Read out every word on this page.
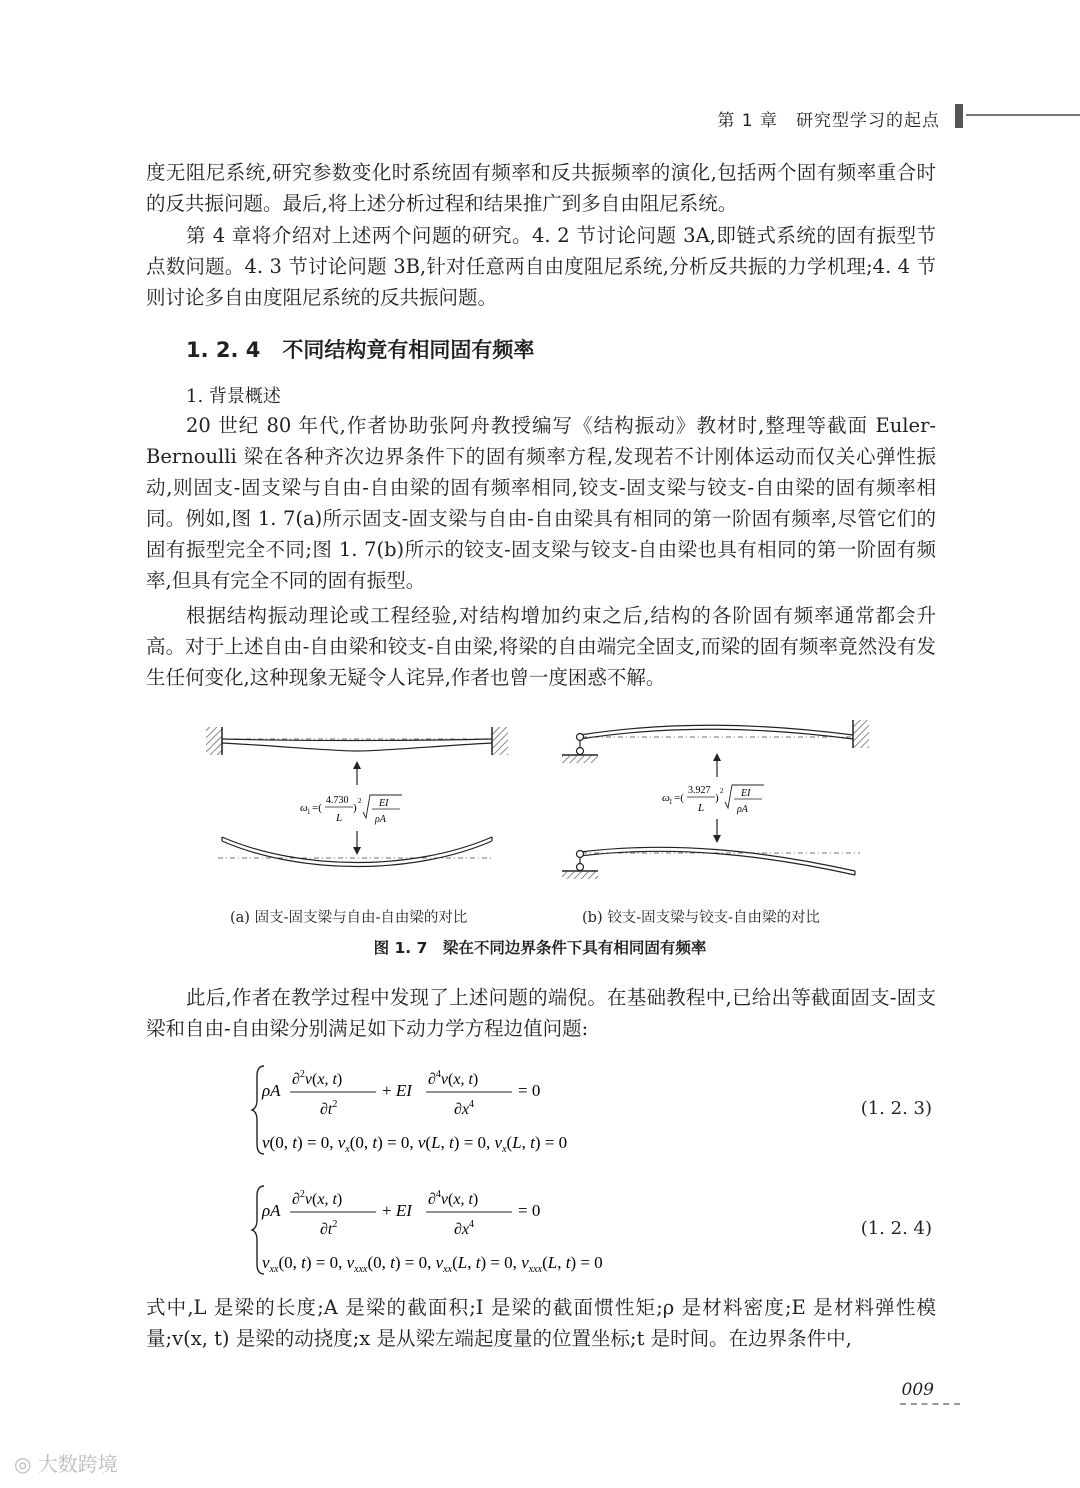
第 1 章　 研究型学习的起点

度无阻尼系统,研究参数变化时系统固有频率和反共振频率的演化,包括两个固有频率重合时的反共振问题。最后,将上述分析过程和结果推广到多自由阻尼系统。

第 4 章将介绍对上述两个问题的研究。4. 2 节讨论问题 3A,即链式系统的固有振型节点数问题。4. 3 节讨论问题 3B,针对任意两自由度阻尼系统,分析反共振的力学机理;4. 4 节则讨论多自由度阻尼系统的反共振问题。

1. 2. 4 不同结构竟有相同固有频率
1. 背景概述

20 世纪 80 年代,作者协助张阿舟教授编写《结构振动》教材时,整理等截面 Euler-Bernoulli 梁在各种齐次边界条件下的固有频率方程,发现若不计刚体运动而仅关心弹性振动,则固支-固支梁与自由-自由梁的固有频率相同,铰支-固支梁与铰支-自由梁的固有频率相同。例如,图 1. 7(a)所示固支-固支梁与自由-自由梁具有相同的第一阶固有频率,尽管它们的固有振型完全不同;图 1. 7(b)所示的铰支-固支梁与铰支-自由梁也具有相同的第一阶固有频率,但具有完全不同的固有振型。

根据结构振动理论或工程经验,对结构增加约束之后,结构的各阶固有频率通常都会升高。对于上述自由-自由梁和铰支-自由梁,将梁的自由端完全固支,而梁的固有频率竟然没有发生任何变化,这种现象无疑令人诧异,作者也曾一度困惑不解。

ω 1 =(
4.730
L
)
2 EI
ρA
ω 1 =(
3.927
L
)
2 EI
ρA
(a) 固支-固支梁与自由-自由梁的对比	(b) 铰支-固支梁与铰支-自由梁的对比
图 1. 7　梁在不同边界条件下具有相同固有频率

此后,作者在教学过程中发现了上述问题的端倪。在基础教程中,已给出等截面固支-固支梁和自由-自由梁分别满足如下动力学方程边值问题:

ρA
∂$^2$v(x, t)
$\partial t^2$
+ EI
∂$^4$v(x, t)
$\partial x^4$
= 0
v(0, t) = 0, $v_x(0$, t) = 0, v(L, t) = 0, $v_x(L$, t) = 0
(1. 2. 3)
ρA
∂$^2$v(x, t)
$\partial t^2$
+ EI
∂$^4$v(x, t)
$\partial x^4$
= 0
$v_{xx}(0$, t) = 0, $v_{xxx}(0$, t) = 0, $v_{xx}(L$, t) = 0, $v_{xxx}(L$, t) = 0
(1. 2. 4)

式中,L 是梁的长度;A 是梁的截面积;I 是梁的截面惯性矩;ρ 是材料密度;E 是材料弹性模量;v(x, t) 是梁的动挠度;x 是从梁左端起度量的位置坐标;t 是时间。在边界条件中,

009
◎ 大数跨境
